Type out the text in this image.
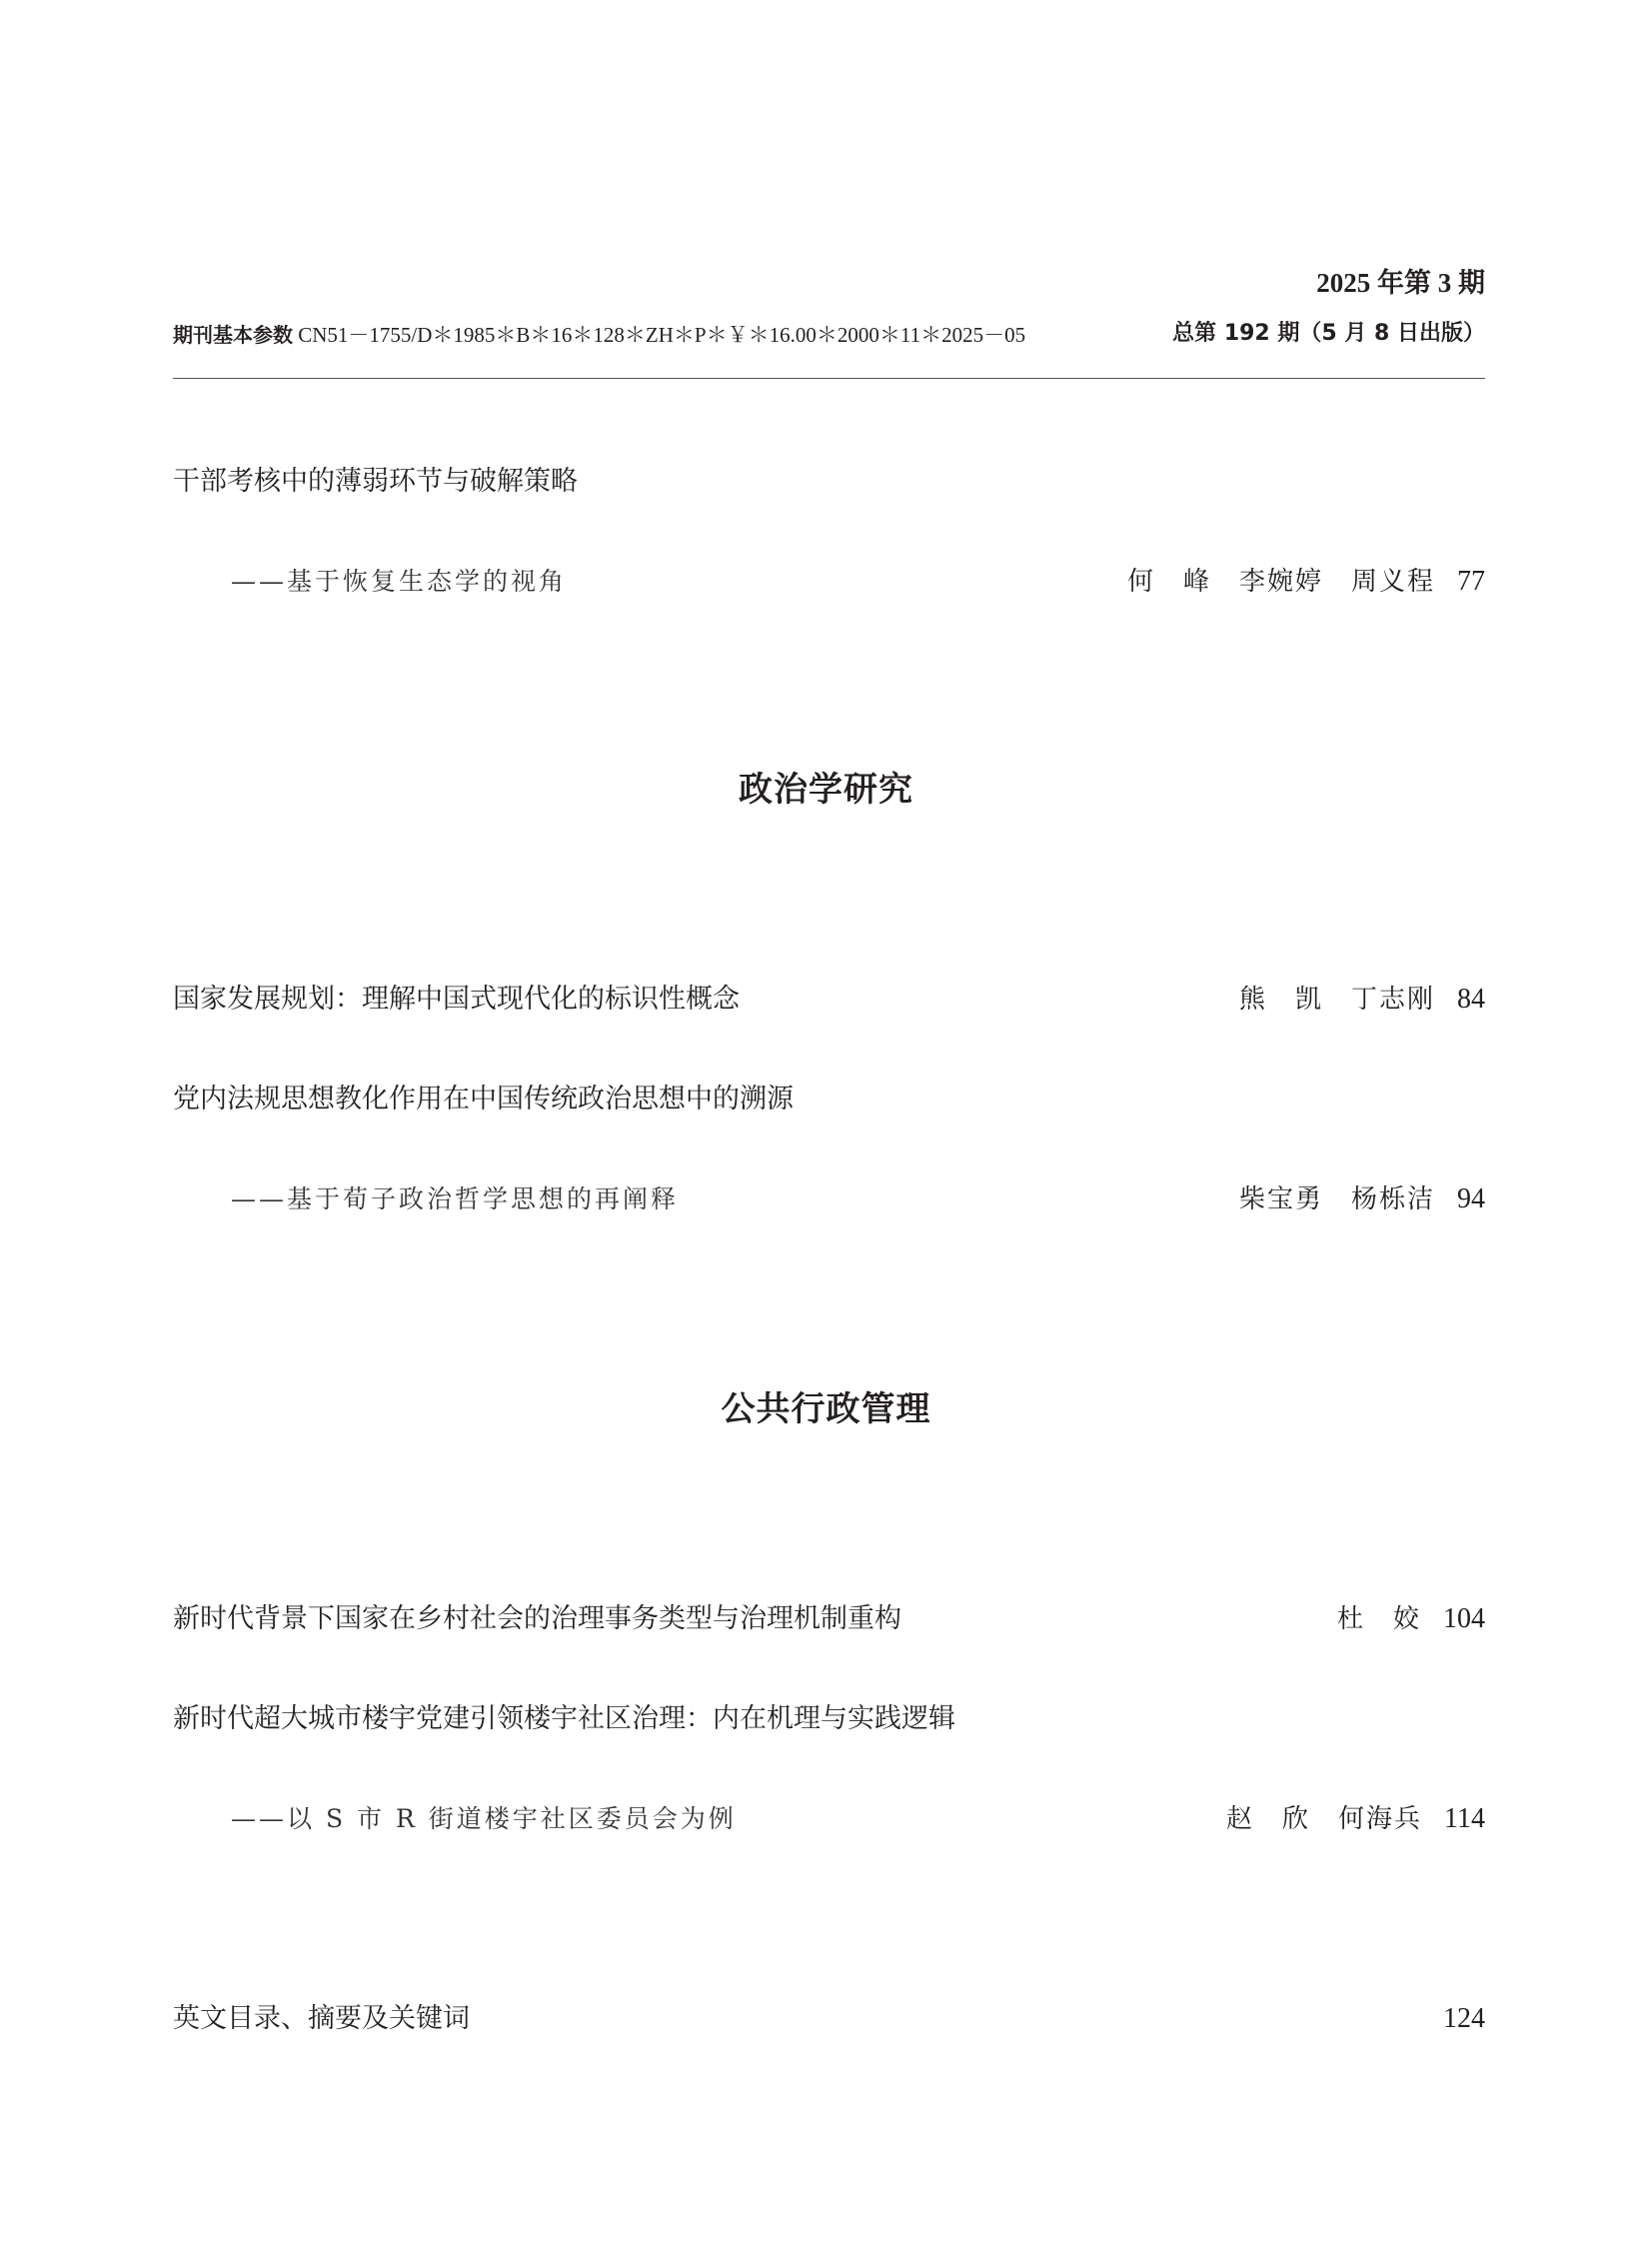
2025 年第 3 期
期刊基本参数 CN51－1755/D＊1985＊B＊16＊128＊ZH＊P＊￥＊16.00＊2000＊11＊2025－05	总第 192 期（5 月 8 日出版）
干部考核中的薄弱环节与破解策略
——基于恢复生态学的视角	何　峰　李婉婷　周义程 77
政治学研究
国家发展规划：理解中国式现代化的标识性概念	熊　凯　丁志刚 84
党内法规思想教化作用在中国传统政治思想中的溯源
——基于荀子政治哲学思想的再阐释	柴宝勇　杨栎洁 94
公共行政管理
新时代背景下国家在乡村社会的治理事务类型与治理机制重构	杜　姣 104
新时代超大城市楼宇党建引领楼宇社区治理：内在机理与实践逻辑
——以 S 市 R 街道楼宇社区委员会为例	赵　欣　何海兵 114
英文目录、摘要及关键词	124
